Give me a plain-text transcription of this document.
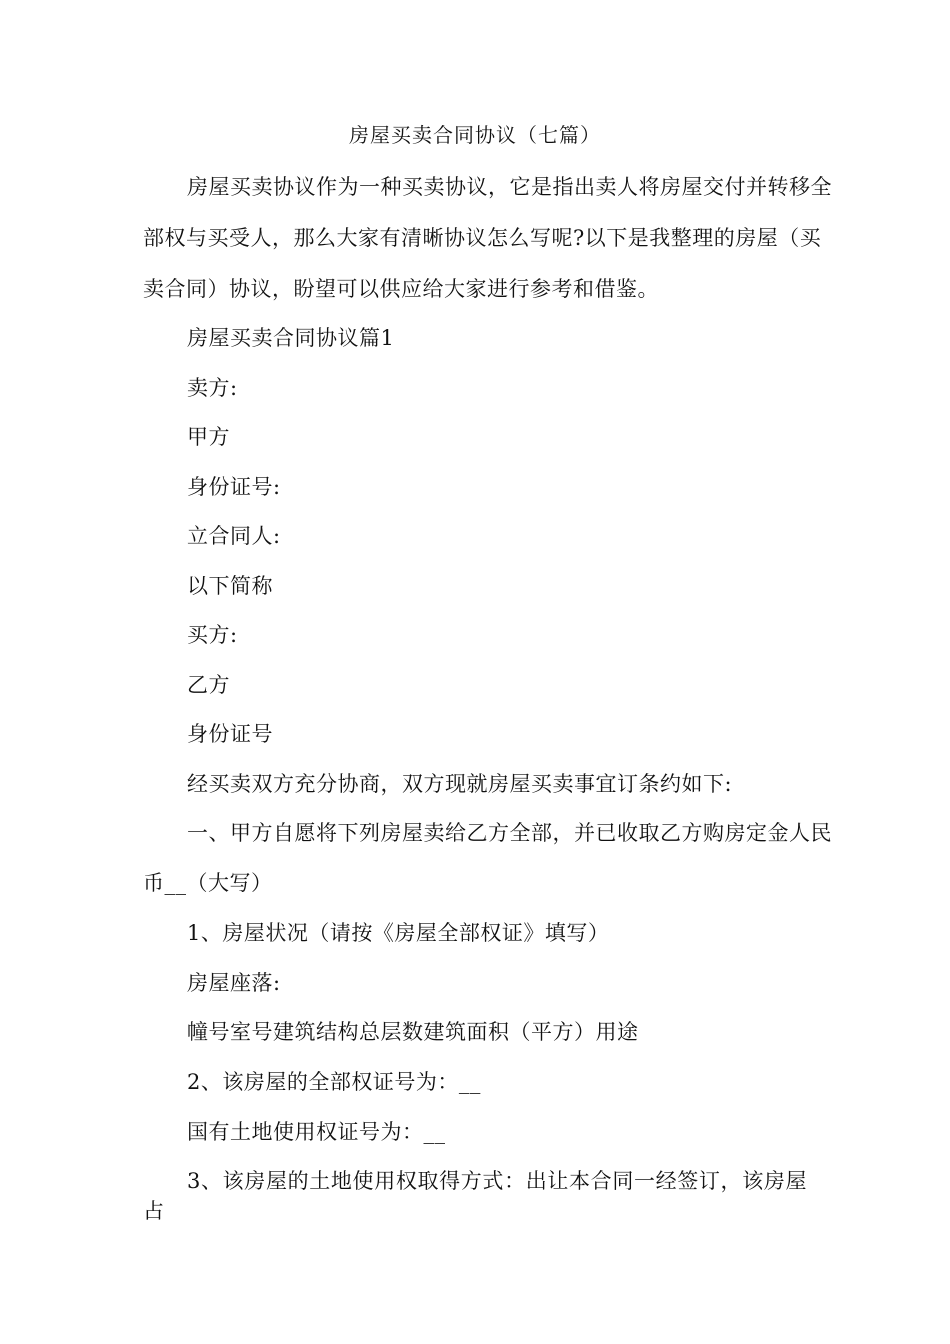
房屋买卖合同协议（七篇）
房屋买卖协议作为一种买卖协议，它是指出卖人将房屋交付并转移全
部权与买受人，那么大家有清晰协议怎么写呢?以下是我整理的房屋（买
卖合同）协议，盼望可以供应给大家进行参考和借鉴。
房屋买卖合同协议篇1
卖方:
甲方
身份证号:
立合同人:
以下简称
买方:
乙方
身份证号
经买卖双方充分协商，双方现就房屋买卖事宜订条约如下:
一、甲方自愿将下列房屋卖给乙方全部，并已收取乙方购房定金人民
币__（大写）
1、房屋状况（请按《房屋全部权证》填写）
房屋座落:
幢号室号建筑结构总层数建筑面积（平方）用途
2、该房屋的全部权证号为：__
国有土地使用权证号为：__
3、该房屋的土地使用权取得方式：出让本合同一经签订，该房屋占
